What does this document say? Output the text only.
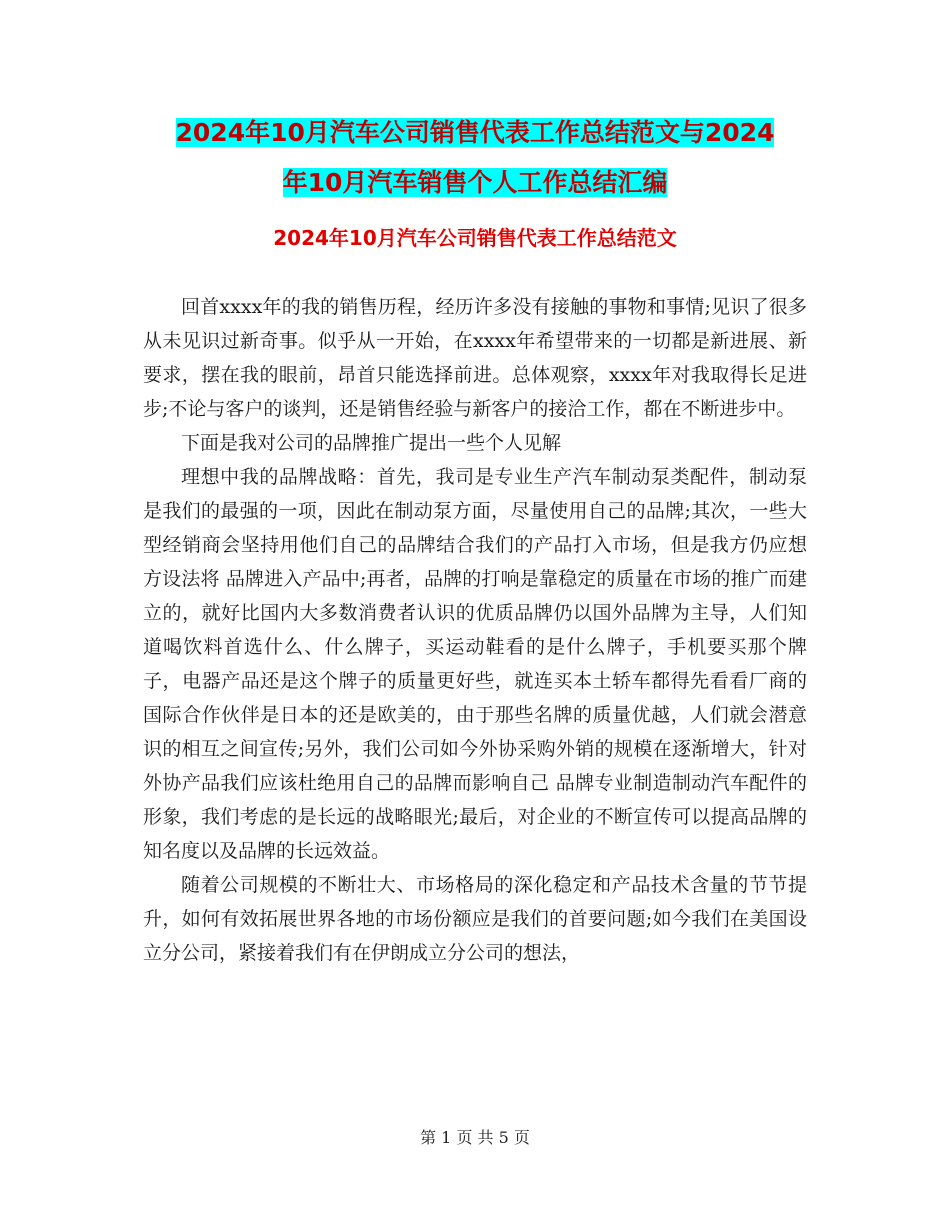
2024年10月汽车公司销售代表工作总结范文与2024
年10月汽车销售个人工作总结汇编
2024年10月汽车公司销售代表工作总结范文

回首xxxx年的我的销售历程，经历许多没有接触的事物和事情;见识了很多从未见识过新奇事。似乎从一开始，在xxxx年希望带来的一切都是新进展、新要求，摆在我的眼前，昂首只能选择前进。总体观察，xxxx年对我取得长足进步;不论与客户的谈判，还是销售经验与新客户的接洽工作，都在不断进步中。

下面是我对公司的品牌推广提出一些个人见解

理想中我的品牌战略：首先，我司是专业生产汽车制动泵类配件，制动泵是我们的最强的一项，因此在制动泵方面，尽量使用自己的品牌;其次，一些大型经销商会坚持用他们自己的品牌结合我们的产品打入市场，但是我方仍应想方设法将 品牌进入产品中;再者，品牌的打响是靠稳定的质量在市场的推广而建立的，就好比国内大多数消费者认识的优质品牌仍以国外品牌为主导，人们知道喝饮料首选什么、什么牌子，买运动鞋看的是什么牌子，手机要买那个牌子，电器产品还是这个牌子的质量更好些，就连买本土轿车都得先看看厂商的国际合作伙伴是日本的还是欧美的，由于那些名牌的质量优越，人们就会潜意识的相互之间宣传;另外，我们公司如今外协采购外销的规模在逐渐增大，针对外协产品我们应该杜绝用自己的品牌而影响自己 品牌专业制造制动汽车配件的形象，我们考虑的是长远的战略眼光;最后，对企业的不断宣传可以提高品牌的知名度以及品牌的长远效益。

随着公司规模的不断壮大、市场格局的深化稳定和产品技术含量的节节提升，如何有效拓展世界各地的市场份额应是我们的首要问题;如今我们在美国设立分公司，紧接着我们有在伊朗成立分公司的想法，

第 1 页 共 5 页
